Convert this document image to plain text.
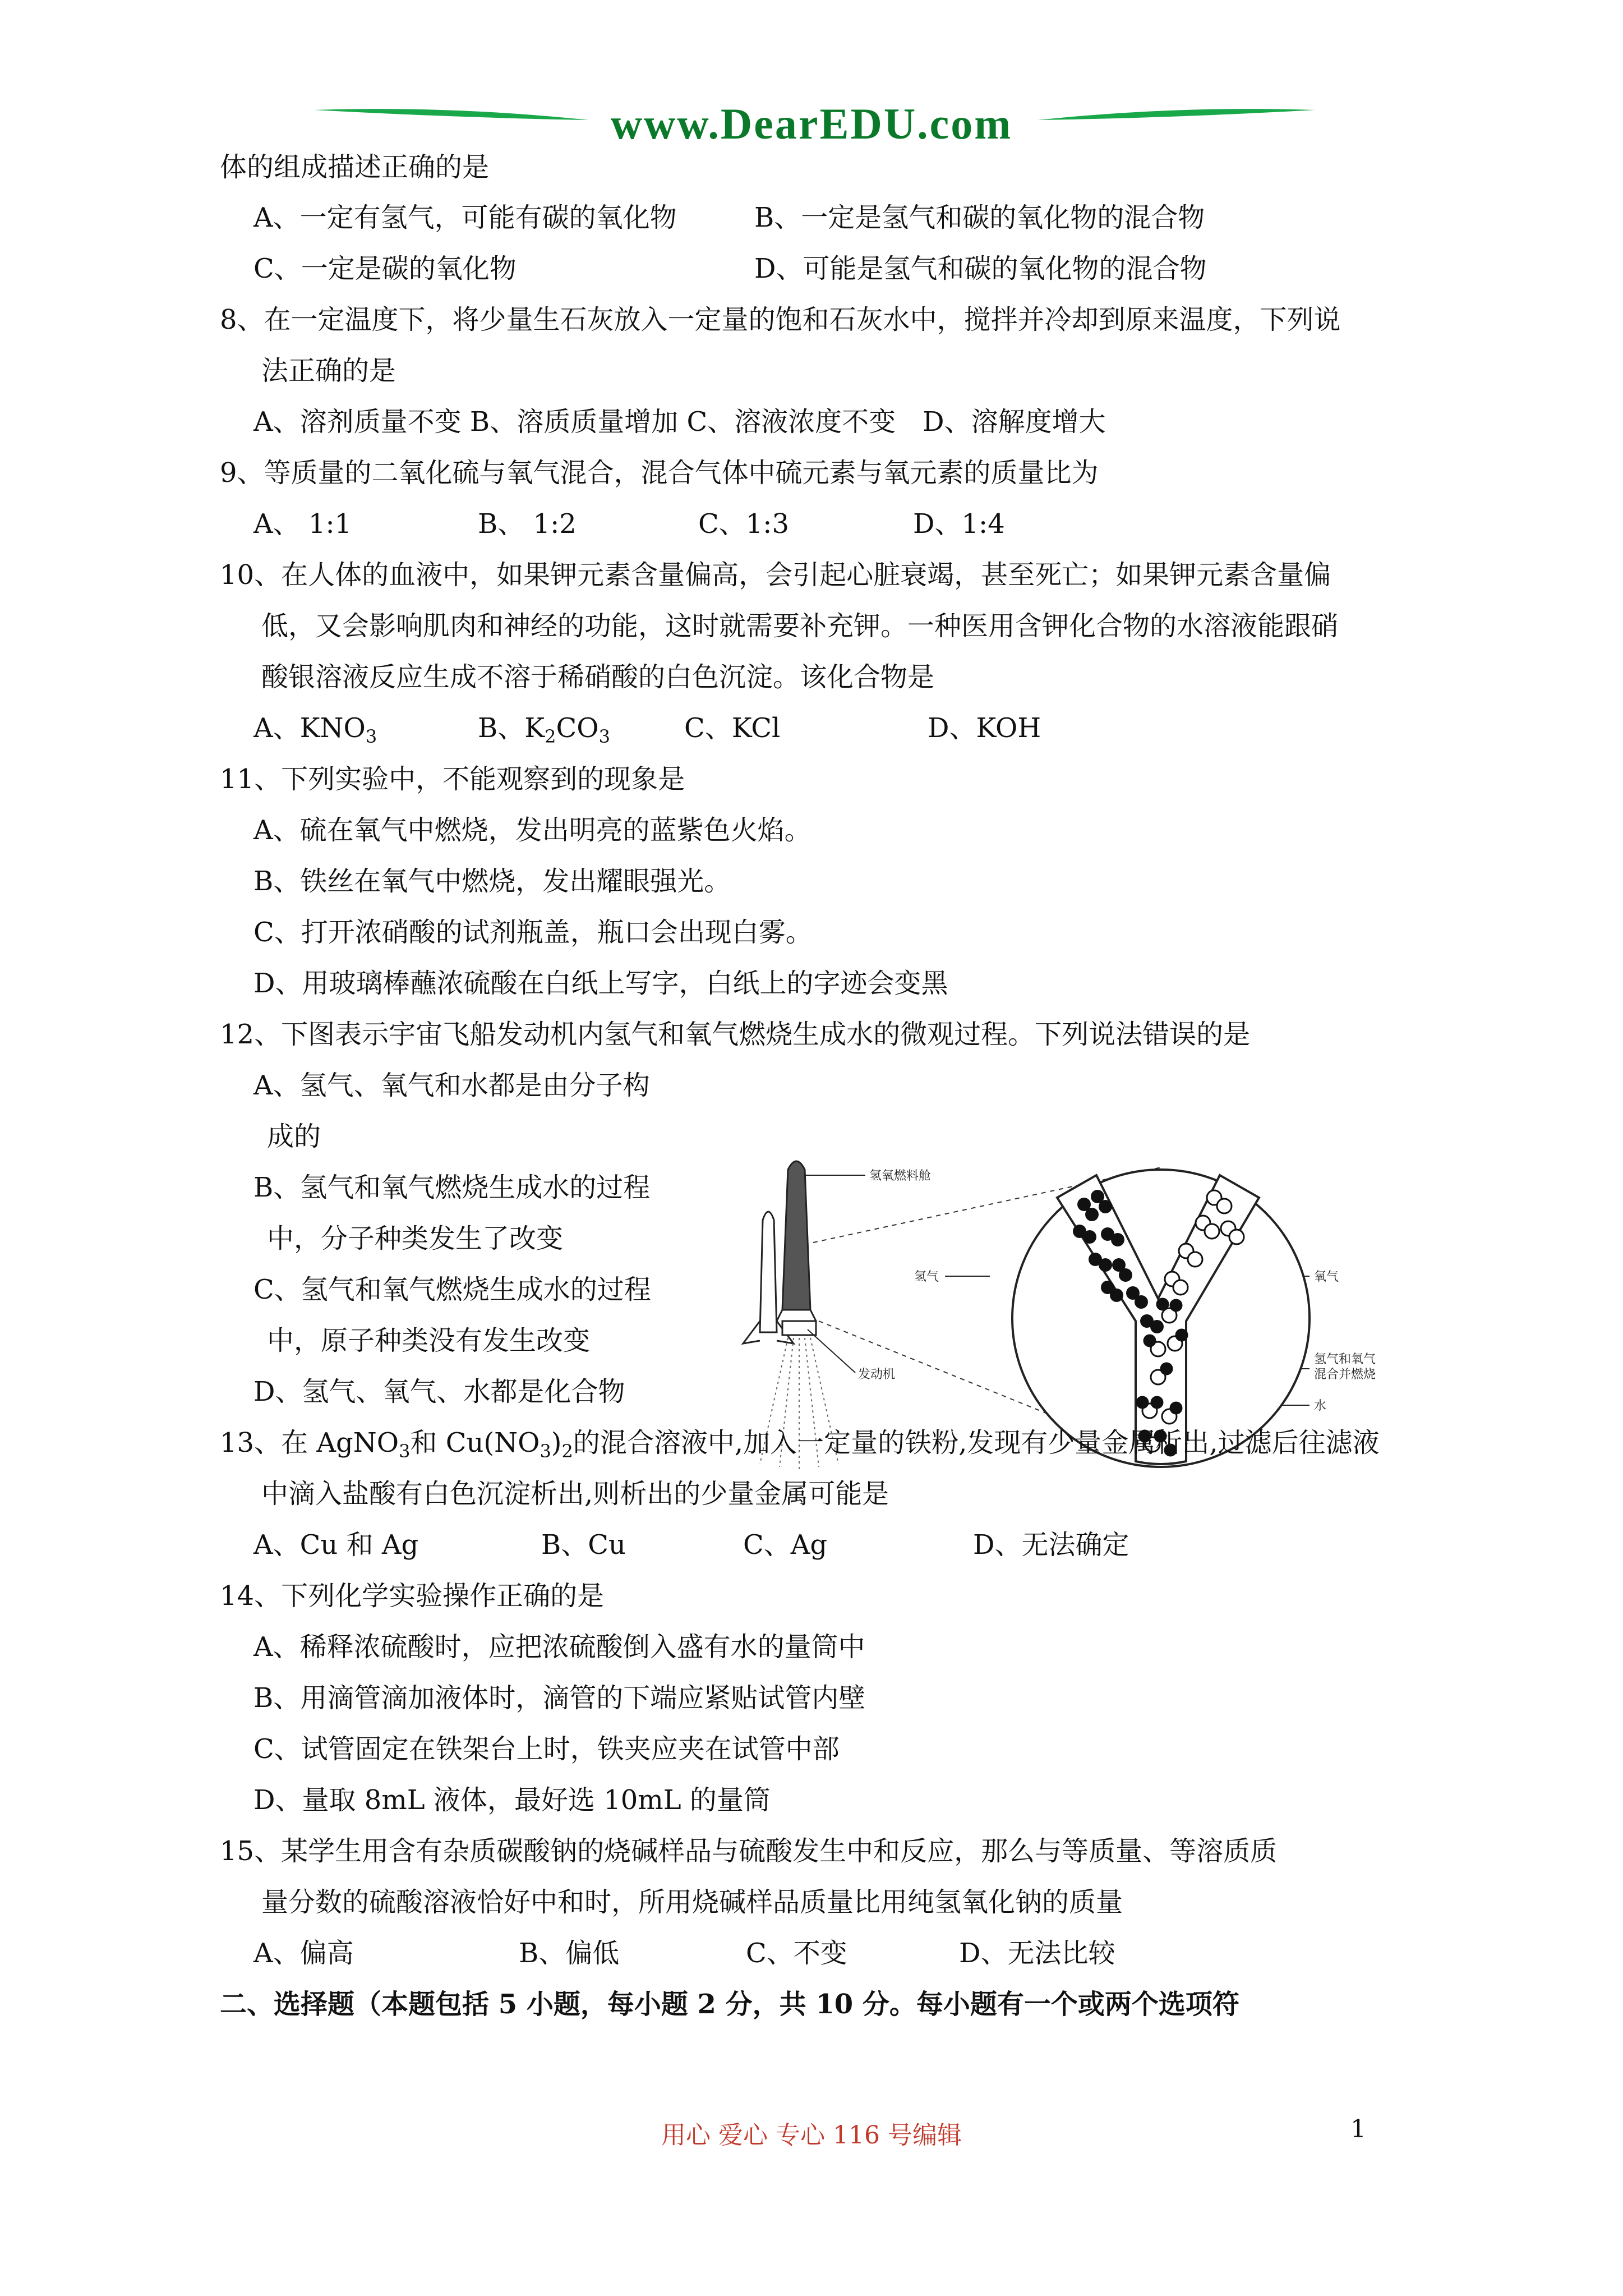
www.DearEDU.com
体的组成描述正确的是
A、一定有氢气，可能有碳的氧化物	B、一定是氢气和碳的氧化物的混合物
C、一定是碳的氧化物	D、可能是氢气和碳的氧化物的混合物
8、在一定温度下，将少量生石灰放入一定量的饱和石灰水中，搅拌并冷却到原来温度，下列说
法正确的是
A、溶剂质量不变 B、溶质质量增加 C、溶液浓度不变　D、溶解度增大
9、等质量的二氧化硫与氧气混合，混合气体中硫元素与氧元素的质量比为
A、 1:1	B、 1:2	C、1:3	D、1:4
10、在人体的血液中，如果钾元素含量偏高，会引起心脏衰竭，甚至死亡；如果钾元素含量偏
低，又会影响肌肉和神经的功能，这时就需要补充钾。一种医用含钾化合物的水溶液能跟硝
酸银溶液反应生成不溶于稀硝酸的白色沉淀。该化合物是
A、$KNO_3$	B、$K_2CO_3$	C、KCl	D、KOH
11、下列实验中，不能观察到的现象是
A、硫在氧气中燃烧，发出明亮的蓝紫色火焰。
B、铁丝在氧气中燃烧，发出耀眼强光。
C、打开浓硝酸的试剂瓶盖，瓶口会出现白雾。
D、用玻璃棒蘸浓硫酸在白纸上写字，白纸上的字迹会变黑
12、下图表示宇宙飞船发动机内氢气和氧气燃烧生成水的微观过程。下列说法错误的是
A、氢气、氧气和水都是由分子构
成的
B、氢气和氧气燃烧生成水的过程
中，分子种类发生了改变
C、氢气和氧气燃烧生成水的过程
中，原子种类没有发生改变
D、氢气、氧气、水都是化合物
氢氧燃料舱
氢气	氧气
氢气和氧气
混合并燃烧
水
发动机
13、在 AgNO$_3$和 $Cu(NO_3)_2$的混合溶液中,加入一定量的铁粉,发现有少量金属析出,过滤后往滤液
中滴入盐酸有白色沉淀析出,则析出的少量金属可能是
A、Cu 和 Ag	B、Cu	C、Ag	D、无法确定
14、下列化学实验操作正确的是
A、稀释浓硫酸时，应把浓硫酸倒入盛有水的量筒中
B、用滴管滴加液体时，滴管的下端应紧贴试管内壁
C、试管固定在铁架台上时，铁夹应夹在试管中部
D、量取 8mL 液体，最好选 10mL 的量筒
15、某学生用含有杂质碳酸钠的烧碱样品与硫酸发生中和反应，那么与等质量、等溶质质
量分数的硫酸溶液恰好中和时，所用烧碱样品质量比用纯氢氧化钠的质量
A、偏高	B、偏低	C、不变	D、无法比较
二、选择题（本题包括 5 小题，每小题 2 分，共 10 分。每小题有一个或两个选项符
用心 爱心 专心 116 号编辑	1
